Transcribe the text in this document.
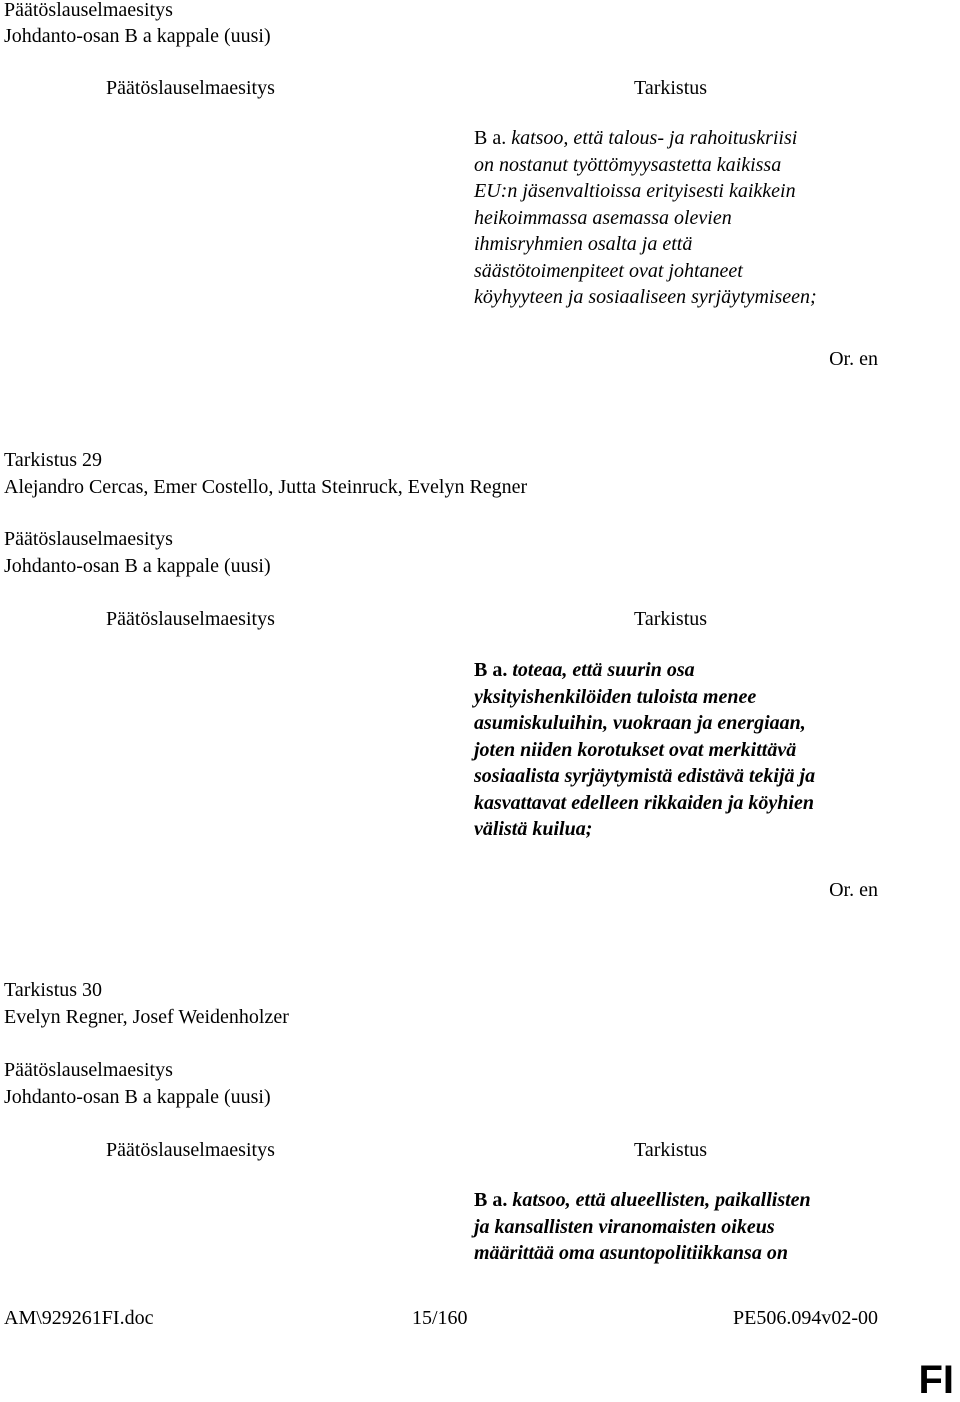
Päätöslauselmaesitys
Johdanto-osan B a kappale (uusi)
Päätöslauselmaesitys	Tarkistus
B a. katsoo, että talous- ja rahoituskriisi
on nostanut työttömyysastetta kaikissa
EU:n jäsenvaltioissa erityisesti kaikkein
heikoimmassa asemassa olevien
ihmisryhmien osalta ja että
säästötoimenpiteet ovat johtaneet
köyhyyteen ja sosiaaliseen syrjäytymiseen;
Or. en
Tarkistus 29
Alejandro Cercas, Emer Costello, Jutta Steinruck, Evelyn Regner
Päätöslauselmaesitys
Johdanto-osan B a kappale (uusi)
Päätöslauselmaesitys	Tarkistus
B a. toteaa, että suurin osa
yksityishenkilöiden tuloista menee
asumiskuluihin, vuokraan ja energiaan,
joten niiden korotukset ovat merkittävä
sosiaalista syrjäytymistä edistävä tekijä ja
kasvattavat edelleen rikkaiden ja köyhien
välistä kuilua;
Or. en
Tarkistus 30
Evelyn Regner, Josef Weidenholzer
Päätöslauselmaesitys
Johdanto-osan B a kappale (uusi)
Päätöslauselmaesitys	Tarkistus
B a. katsoo, että alueellisten, paikallisten
ja kansallisten viranomaisten oikeus
määrittää oma asuntopolitiikkansa on
AM\929261FI.doc	15/160	PE506.094v02-00
FI
